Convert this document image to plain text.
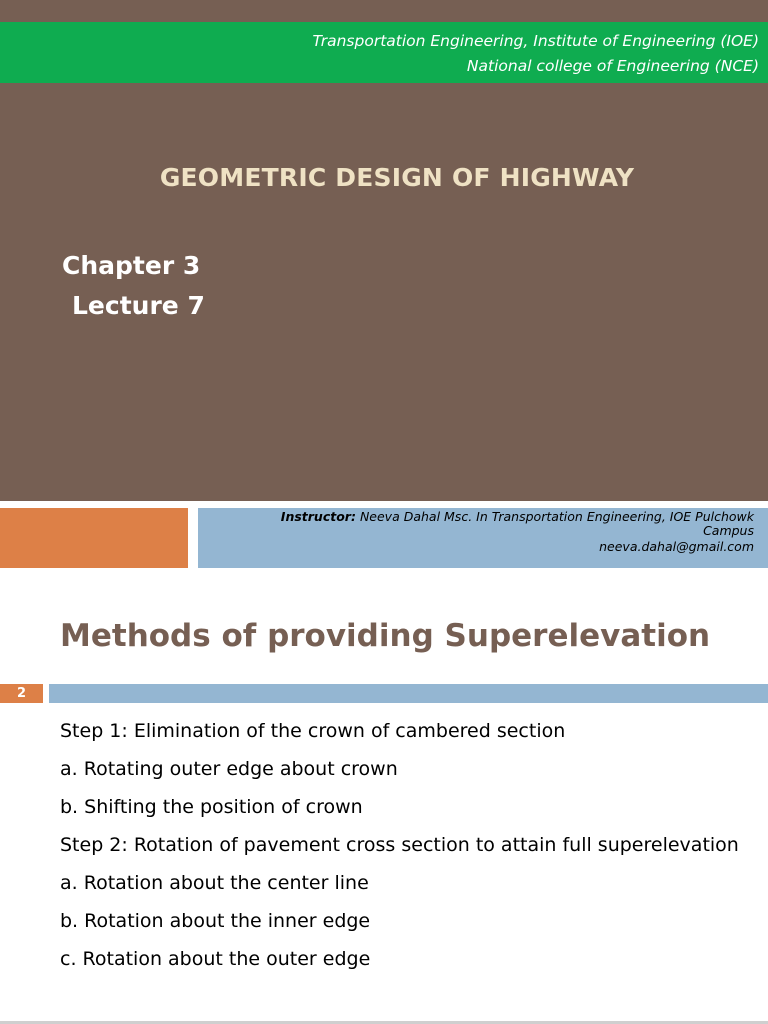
Transportation Engineering, Institute of Engineering (IOE)
National college of Engineering (NCE)
GEOMETRIC DESIGN OF HIGHWAY
Chapter 3
Lecture 7
Instructor: Neeva Dahal Msc. In Transportation Engineering, IOE Pulchowk
Campus
neeva.dahal@gmail.com
Methods of providing Superelevation
2
Step 1: Elimination of the crown of cambered section
a. Rotating outer edge about crown
b. Shifting the position of crown
Step 2: Rotation of pavement cross section to attain full superelevation
a. Rotation about the center line
b. Rotation about the inner edge
c. Rotation about the outer edge
